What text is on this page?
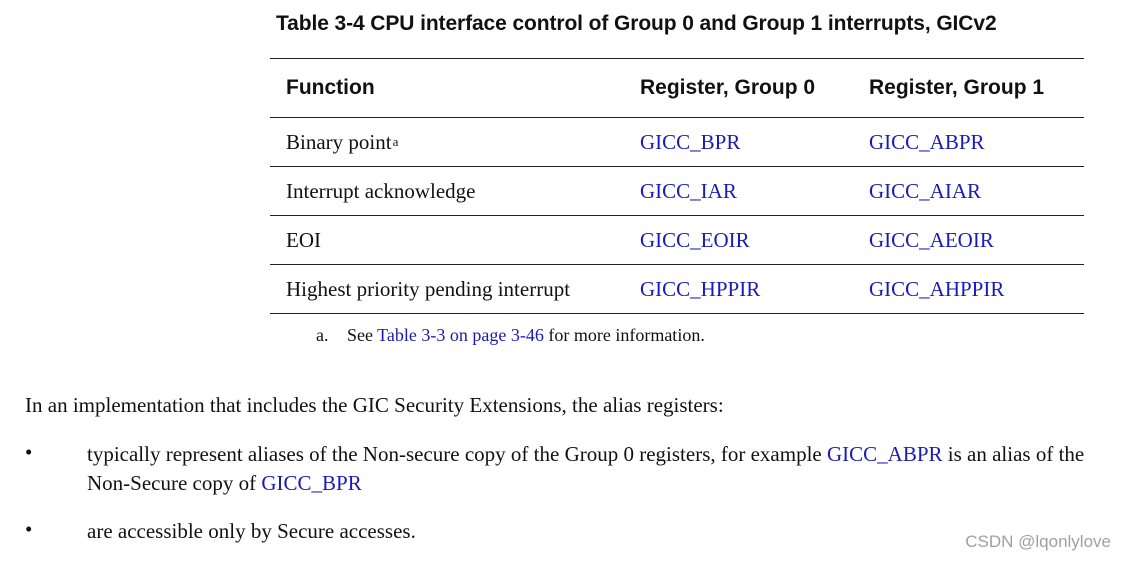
Table 3-4 CPU interface control of Group 0 and Group 1 interrupts, GICv2
Function	Register, Group 0	Register, Group 1
Binary point a	GICC_BPR	GICC_ABPR
Interrupt acknowledge	GICC_IAR	GICC_AIAR
EOI	GICC_EOIR	GICC_AEOIR
Highest priority pending interrupt	GICC_HPPIR	GICC_AHPPIR
a. See Table 3-3 on page 3-46 for more information.
In an implementation that includes the GIC Security Extensions, the alias registers:
•	typically represent aliases of the Non-secure copy of the Group 0 registers, for example GICC_ABPR is an alias of the Non-Secure copy of GICC_BPR
•	are accessible only by Secure accesses.	CSDN @lqonlylove
